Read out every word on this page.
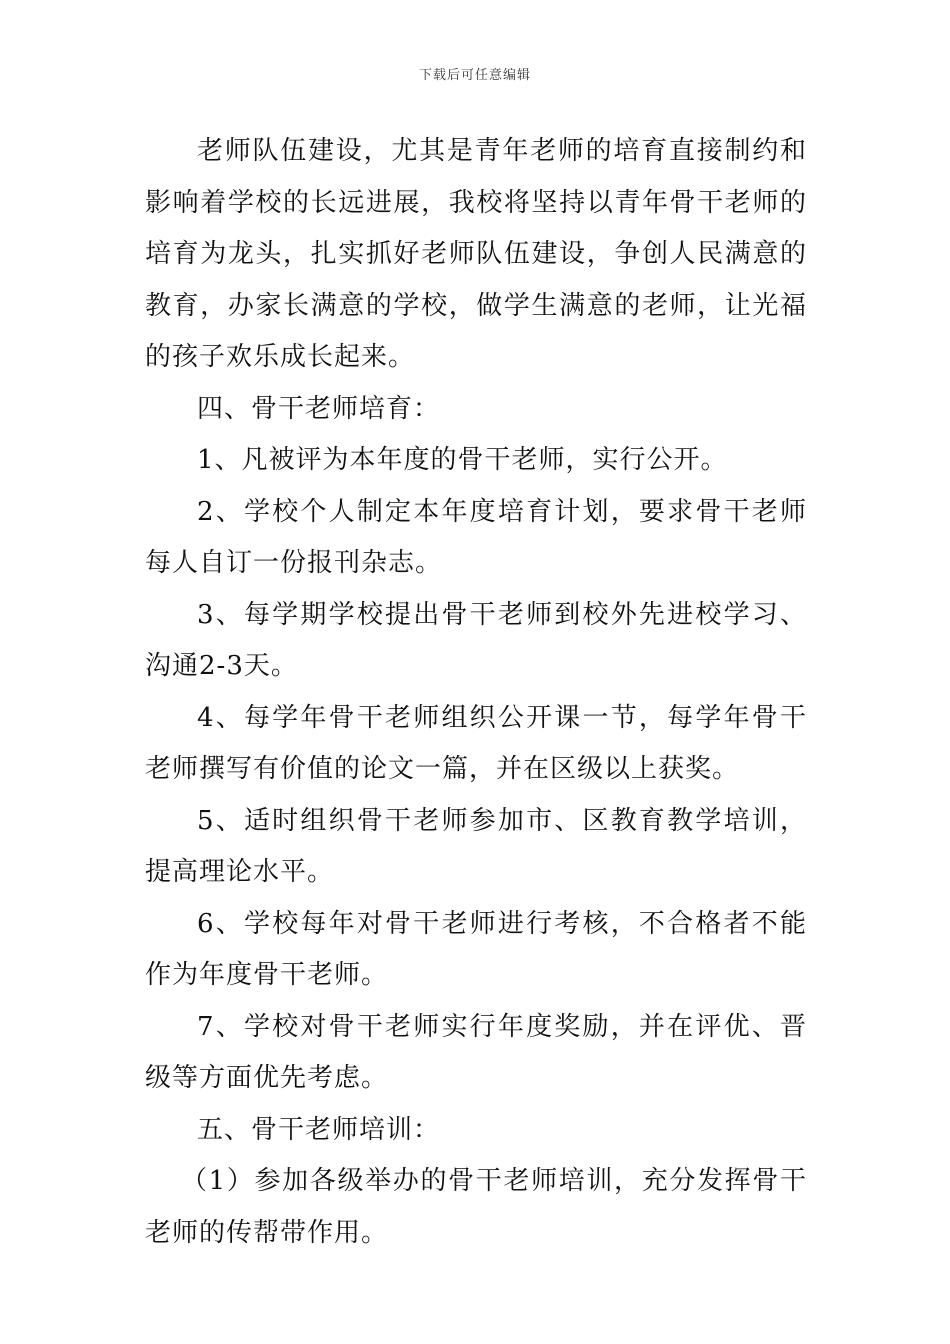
下载后可任意编辑

老师队伍建设，尤其是青年老师的培育直接制约和影响着学校的长远进展，我校将坚持以青年骨干老师的培育为龙头，扎实抓好老师队伍建设，争创人民满意的教育，办家长满意的学校，做学生满意的老师，让光福的孩子欢乐成长起来。

四、骨干老师培育：

1、凡被评为本年度的骨干老师，实行公开。

2、学校个人制定本年度培育计划，要求骨干老师每人自订一份报刊杂志。

3、每学期学校提出骨干老师到校外先进校学习、沟通2-3天。

4、每学年骨干老师组织公开课一节，每学年骨干老师撰写有价值的论文一篇，并在区级以上获奖。

5、适时组织骨干老师参加市、区教育教学培训，提高理论水平。

6、学校每年对骨干老师进行考核，不合格者不能作为年度骨干老师。

7、学校对骨干老师实行年度奖励，并在评优、晋级等方面优先考虑。

五、骨干老师培训：

（1）参加各级举办的骨干老师培训，充分发挥骨干老师的传帮带作用。
